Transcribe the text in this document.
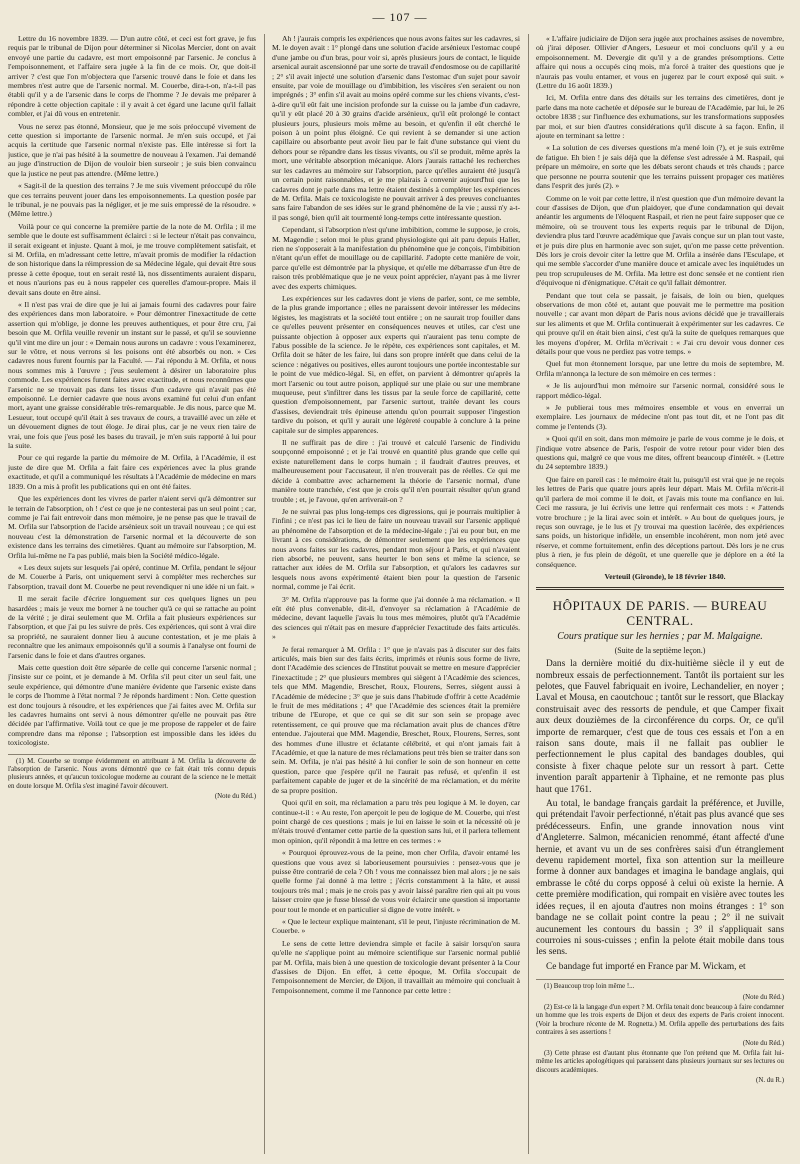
— 107 —

Lettre du 16 novembre 1839. — D'un autre côté, et ceci est fort grave, je fus requis par le tribunal de Dijon pour déterminer si Nicolas Mercier, dont on avait envoyé une partie du cadavre, est mort empoisonné par l'arsenic. Je conclus à l'empoisonnement, et l'affaire sera jugée à la fin de ce mois. Or, que doit-il arriver ? c'est que l'on m'objectera que l'arsenic trouvé dans le foie et dans les membres n'est autre que de l'arsenic normal. M. Couerbe, dira-t-on, n'a-t-il pas établi qu'il y a de l'arsenic dans le corps de l'homme ? Je devais me préparer à répondre à cette objection capitale : il y avait à cet égard une lacune qu'il fallait combler, et j'ai dû vous en entretenir.

Vous ne serez pas étonné, Monsieur, que je me sois préoccupé vivement de cette question si importante de l'arsenic normal. Je m'en suis occupé, et j'ai acquis la certitude que l'arsenic normal n'existe pas. Elle intéresse si fort la justice, que je n'ai pas hésité à la soumettre de nouveau à l'examen. J'ai demandé au juge d'instruction de Dijon de vouloir bien surseoir ; je suis bien convaincu que la justice ne peut pas attendre. (Même lettre.)

« Sagit-il de la question des terrains ? Je me suis vivement préoccupé du rôle que ces terrains peuvent jouer dans les empoisonnements. La question posée par le tribunal, je ne pouvais pas la négliger, et je me suis empressé de la résoudre. » (Même lettre.)

Voilà pour ce qui concerne la première partie de la note de M. Orfila ; il me semble que le doute est suffisamment éclairci : si le lecteur n'était pas convaincu, il serait exigeant et injuste. Quant à moi, je me trouve complètement satisfait, et si M. Orfila, en m'adressant cette lettre, m'avait promis de modifier la rédaction de son historique dans la réimpression de sa Médecine légale, qui devait être sous presse à cette époque, tout en serait resté là, nos dissentiments auraient disparu, et nous n'aurions pas eu à nous rappeler ces querelles d'amour-propre. Mais il devait sans doute en être ainsi.

« Il n'est pas vrai de dire que je lui ai jamais fourni des cadavres pour faire des expériences dans mon laboratoire. » Pour démontrer l'inexactitude de cette assertion qui m'oblige, je donne les preuves authentiques, et pour être cru, j'ai besoin que M. Orfila veuille revenir un instant sur le passé, et qu'il se souvienne qu'il vint me dire un jour : « Demain nous aurons un cadavre : vous l'examinerez, sur le vôtre, et nous verrons si les poisons ont été absorbés ou non. » Ces cadavres nous furent fournis par la Faculté. — J'ai répondu à M. Orfila, et nous nous sommes mis à l'œuvre ; j'eus seulement à désirer un laboratoire plus commode. Les expériences furent faites avec exactitude, et nous reconnûmes que l'arsenic ne se trouvait pas dans les tissus d'un cadavre qui n'avait pas été empoisonné. Le dernier cadavre que nous avons examiné fut celui d'un enfant mort, ayant une graisse considérable très-remarquable. Je dis nous, parce que M. Lesueur, tout occupé qu'il était à ses travaux de cours, a travaillé avec un zèle et un dévouement dignes de tout éloge. Je dirai plus, car je ne veux rien taire de vrai, une fois que j'eus posé les bases du travail, je m'en suis rapporté à lui pour la suite.

Pour ce qui regarde la partie du mémoire de M. Orfila, à l'Académie, il est juste de dire que M. Orfila a fait faire ces expériences avec la plus grande exactitude, et qu'il a communiqué les résultats à l'Académie de médecine en mars 1839. On a mis à profit les publications qui en ont été faites.

Que les expériences dont les vivres de parler n'aient servi qu'à démontrer sur le terrain de l'absorption, oh ! c'est ce que je ne contesterai pas un seul point ; car, comme je l'ai fait entrevoir dans mon mémoire, je ne pense pas que le travail de M. Orfila sur l'absorption de l'acide arsénieux soit un travail nouveau ; ce qui est nouveau c'est la démonstration de l'arsenic normal et la découverte de son existence dans les terrains des cimetières. Quant au mémoire sur l'absorption, M. Orfila lui-même ne l'a pas publié, mais bien la Société médico-légale.

« Les deux sujets sur lesquels j'ai opéré, continue M. Orfila, pendant le séjour de M. Couerbe à Paris, ont uniquement servi à compléter mes recherches sur l'absorption, travail dont M. Couerbe ne peut revendiquer ni une idée ni un fait. »

Il me serait facile d'écrire longuement sur ces quelques lignes un peu hasardées ; mais je veux me borner à ne toucher qu'à ce qui se rattache au point de la vérité ; je dirai seulement que M. Orfila a fait plusieurs expériences sur l'absorption, et que j'ai pu les suivre de près. Ces expériences, qui sont à vrai dire sa propriété, ne sauraient donner lieu à aucune contestation, et je me plais à reconnaître que les animaux empoisonnés qu'il a soumis à l'analyse ont fourni de l'arsenic dans le foie et dans d'autres organes.

Mais cette question doit être séparée de celle qui concerne l'arsenic normal ; j'insiste sur ce point, et je demande à M. Orfila s'il peut citer un seul fait, une seule expérience, qui démontre d'une manière évidente que l'arsenic existe dans le corps de l'homme à l'état normal ? Je réponds hardiment : Non. Cette question est donc toujours à résoudre, et les expériences que j'ai faites avec M. Orfila sur les cadavres humains ont servi à nous démontrer qu'elle ne pouvait pas être décidée par l'affirmative. Voilà tout ce que je me propose de rappeler et de faire comprendre dans ma réponse ; l'absorption est impossible dans les idées du toxicologiste.

(1) M. Couerbe se trompe évidemment en attribuant à M. Orfila la découverte de l'absorption de l'arsenic. Nous avons démontré que ce fait était très connu depuis plusieurs années, et qu'aucun toxicologue moderne au courant de la science ne le mettait en doute lorsque M. Orfila s'est imaginé l'avoir découvert.

(Note du Réd.)

Ah ! j'aurais compris les expériences que nous avons faites sur les cadavres, si M. le doyen avait : 1° plongé dans une solution d'acide arsénieux l'estomac coupé d'une jambe ou d'un bras, pour voir si, après plusieurs jours de contact, le liquide arsenical aurait ascensionné par une sorte de travail d'endosmose ou de capillarité ; 2° s'il avait injecté une solution d'arsenic dans l'estomac d'un sujet pour savoir ensuite, par voie de mouillage ou d'imbibition, les viscères s'en seraient ou non imprégnés ; 3° enfin s'il avait au moins opéré comme sur les chiens vivants, c'est-à-dire qu'il eût fait une incision profonde sur la cuisse ou la jambe d'un cadavre, qu'il y eût placé 20 à 30 grains d'acide arsénieux, qu'il eût prolongé le contact plusieurs jours, plusieurs mois même au besoin, et qu'enfin il eût cherché le poison à un point plus éloigné. Ce qui revient à se demander si une action capillaire ou absorbante peut avoir lieu par le fait d'une substance qui vient du dehors pour se répandre dans les tissus vivants, ou s'il se produit, même après la mort, une véritable absorption mécanique. Alors j'aurais rattaché les recherches sur les cadavres au mémoire sur l'absorption, parce qu'elles auraient été jusqu'à un certain point raisonnables, et je me plairais à convenir aujourd'hui que les cadavres dont je parle dans ma lettre étaient destinés à compléter les expériences de M. Orfila. Mais ce toxicologiste ne pouvait arriver à des preuves concluantes sans faire l'abandon de ses idées sur le grand phénomène de la vie ; aussi n'y a-t-il pas songé, bien qu'il ait tourmenté long-temps cette intéressante question.

Cependant, si l'absorption n'est qu'une imbibition, comme le suppose, je crois, M. Magendie ; selon moi le plus grand physiologiste qui ait paru depuis Haller, rien ne s'opposerait à la manifestation du phénomène que je conçois, l'imbibition n'étant qu'un effet de mouillage ou de capillarité. J'adopte cette manière de voir, parce qu'elle est démontrée par la physique, et qu'elle me débarrasse d'un être de raison très problématique que je ne veux point apprécier, n'ayant pas à me livrer avec des experts chimiques.

Les expériences sur les cadavres dont je viens de parler, sont, ce me semble, de la plus grande importance ; elles ne paraissent devoir intéresser les médecins légistes, les magistrats et la société tout entière ; on ne saurait trop fouiller dans ce qu'elles peuvent présenter en conséquences neuves et utiles, car c'est une puissante objection à opposer aux experts qui n'auraient pas tenu compte de l'abus possible de la science. Je le répète, ces expériences sont capitales, et M. Orfila doit se hâter de les faire, lui dans son propre intérêt que dans celui de la science : négatives ou positives, elles auront toujours une portée incontestable sur le point de vue médico-légal. Si, en effet, on parvient à démontrer qu'après la mort l'arsenic ou tout autre poison, appliqué sur une plaie ou sur une membrane muqueuse, peut s'infiltrer dans les tissus par la seule force de capillarité, cette question d'empoisonnement, par l'arsenic surtout, traitée devant les cours d'assises, deviendrait très épineuse attendu qu'on pourrait supposer l'ingestion tardive du poison, et qu'il y aurait une légèreté coupable à conclure à la peine capitale sur de simples apparences.

Il ne suffirait pas de dire : j'ai trouvé et calculé l'arsenic de l'individu soupçonné empoisonné ; et je l'ai trouvé en quantité plus grande que celle qui existe naturellement dans le corps humain ; il faudrait d'autres preuves, et malheureusement pour l'accusateur, il n'en trouverait pas de réelles. Ce qui me décide à combattre avec acharnement la théorie de l'arsenic normal, d'une manière toute tranchée, c'est que je crois qu'il n'en pourrait résulter qu'un grand trouble ; et, je l'avoue, qu'en arriverait-on ?

Je ne suivrai pas plus long-temps ces digressions, qui je pourrais multiplier à l'infini ; ce n'est pas ici le lieu de faire un nouveau travail sur l'arsenic appliqué au phénomène de l'absorption et de la médecine-légale ; j'ai eu pour but, en me livrant à ces considérations, de démontrer seulement que les expériences que nous avons faites sur les cadavres, pendant mon séjour à Paris, et qui n'avaient rien absorbé, ne peuvent, sans heurter le bon sens et même la science, se rattacher aux idées de M. Orfila sur l'absorption, et qu'alors les cadavres sur lesquels nous avons expérimenté étaient bien pour la question de l'arsenic normal, comme je l'ai écrit.

3° M. Orfila n'approuve pas la forme que j'ai donnée à ma réclamation. « Il eût été plus convenable, dit-il, d'envoyer sa réclamation à l'Académie de médecine, devant laquelle j'avais lu tous mes mémoires, plutôt qu'à l'Académie des sciences qui n'était pas en mesure d'apprécier l'exactitude des faits articulés. »

Je ferai remarquer à M. Orfila : 1° que je n'avais pas à discuter sur des faits articulés, mais bien sur des faits écrits, imprimés et réunis sous forme de livre, dont l'Académie des sciences de l'Institut pouvait se mettre en mesure d'apprécier l'inexactitude ; 2° que plusieurs membres qui siègent à l'Académie des sciences, tels que MM. Magendie, Breschet, Roux, Flourens, Serres, siègent aussi à l'Académie de médecine ; 3° que je suis dans l'habitude d'offrir à cette Académie le fruit de mes méditations ; 4° que l'Académie des sciences était la première tribune de l'Europe, et que ce qui se dit sur son sein se propage avec retentissement, ce qui prouve que ma réclamation avait plus de chances d'être entendue. J'ajouterai que MM. Magendie, Breschet, Roux, Flourens, Serres, sont des hommes d'une illustre et éclatante célébrité, et qui n'ont jamais fait à l'Académie, et que la nature de mes réclamations peut très bien se traiter dans son sein. M. Orfila, je n'ai pas hésité à lui confier le soin de son honneur en cette question, parce que j'espère qu'il ne l'aurait pas refusé, et qu'enfin il est parfaitement capable de juger et de la sincérité de ma réclamation, et du mérite de sa propre position.

Quoi qu'il en soit, ma réclamation a paru très peu logique à M. le doyen, car continue-t-il : « Au reste, l'on aperçoit le peu de logique de M. Couerbe, qui n'est point chargé de ces questions ; mais je lui en laisse le soin et la nécessité où je m'étais trouvé d'entamer cette partie de la question sans lui, et il parlera tellement mon opinion, qu'il répondit à ma lettre en ces termes : »

« Pourquoi éprouvez-vous de la peine, mon cher Orfila, d'avoir entamé les questions que vous avez si laborieusement poursuivies : pensez-vous que je puisse être contrarié de cela ? Oh ! vous me connaissez bien mal alors ; je ne sais quelle forme j'ai donné à ma lettre ; j'écris constamment à la hâte, et aussi toujours très mal ; mais je ne crois pas y avoir laissé paraître rien qui ait pu vous laisser croire que je fusse blessé de vous voir éclaircir une question si importante pour tout le monde et en particulier si digne de votre intérêt. »

« Que le lecteur explique maintenant, s'il le peut, l'injuste récrimination de M. Couerbe. »

Le sens de cette lettre deviendra simple et facile à saisir lorsqu'on saura qu'elle ne s'applique point au mémoire scientifique sur l'arsenic normal publié par M. Orfila, mais bien à une question de toxicologie devant présenter à la Cour d'assises de Dijon. En effet, à cette époque, M. Orfila s'occupait de l'empoisonnement de Mercier, de Dijon, il travaillait au mémoire qui concluait à l'empoisonnement, comme il me l'annonce par cette lettre :

« L'affaire judiciaire de Dijon sera jugée aux prochaines assises de novembre, où j'irai déposer. Ollivier d'Angers, Lesueur et moi concluons qu'il y a eu empoisonnement. M. Devergie dit qu'il y a de grandes présomptions. Cette affaire qui nous a occupés cinq mois, m'a forcé à traiter des questions que je n'aurais pas voulu entamer, et vous en jugerez par le court exposé qui suit. » (Lettre du 16 août 1839.)

Ici, M. Orfila entre dans des détails sur les terrains des cimetières, dont je parle dans ma note cachetée et déposée sur le bureau de l'Académie, par lui, le 26 octobre 1838 ; sur l'influence des exhumations, sur les transformations supposées par moi, et sur bien d'autres considérations qu'il discute à sa façon. Enfin, il ajoute en terminant sa lettre :

« La solution de ces diverses questions m'a mené loin (?), et je suis extrême de fatigue. Eh bien ! je sais déjà que la défense s'est adressée à M. Raspail, qui prépare un mémoire, en sorte que les débats seront chauds et très chauds ; parce que personne ne pourra soutenir que les terrains puissent propager ces matières dans l'esprit des jurés (2). »

Comme on le voit par cette lettre, il n'est question que d'un mémoire devant la cour d'assises de Dijon, que d'un plaidoyer, que d'une condamnation qui devait anéantir les arguments de l'éloquent Raspail, et rien ne peut faire supposer que ce mémoire, où se trouvent tous les experts requis par le tribunal de Dijon, deviendra plus tard l'œuvre académique que j'avais conçue sur un plan tout vaste, et je puis dire plus en harmonie avec son sujet, qu'on me passe cette prévention. Dès lors je crois devoir citer la lettre que M. Orfila a insérée dans l'Esculape, et qui me semble s'accorder d'une manière douce et amicale avec les inquiétudes un peu trop scrupuleuses de M. Orfila. Ma lettre est donc sensée et ne contient rien d'équivoque ni d'énigmatique. C'était ce qu'il fallait démontrer.

Pendant que tout cela se passait, je faisais, de loin ou bien, quelques observations de mon côté et, autant que pouvait me le permettre ma position nouvelle ; car avant mon départ de Paris nous avions décidé que je travaillerais sur les aliments et que M. Orfila continuerait à expérimenter sur les cadavres. Ce qui prouve qu'il en était bien ainsi, c'est qu'à la suite de quelques remarques que les moyens d'opérer, M. Orfila m'écrivait : « J'ai cru devoir vous donner ces détails pour que vous ne perdiez pas votre temps. »

Quel fut mon étonnement lorsque, par une lettre du mois de septembre, M. Orfila m'annonça la lecture de son mémoire en ces termes :

« Je lis aujourd'hui mon mémoire sur l'arsenic normal, considéré sous le rapport médico-légal.

» Je publierai tous mes mémoires ensemble et vous en enverrai un exemplaire. Les journaux de médecine n'ont pas tout dit, et ne l'ont pas dit comme je l'entends (3).

» Quoi qu'il en soit, dans mon mémoire je parle de vous comme je le dois, et j'indique votre absence de Paris, l'espoir de votre retour pour vider bien des questions qui, malgré ce que vous me dites, offrent beaucoup d'intérêt. » (Lettre du 24 septembre 1839.)

Que faire en pareil cas : le mémoire était lu, puisqu'il est vrai que je ne reçois les lettres de Paris que quatre jours après leur départ. Mais M. Orfila m'écrit-il qu'il parlera de moi comme il le doit, et j'avais mis toute ma confiance en lui. Ceci me rassura, je lui écrivis une lettre qui renfermait ces mots : « J'attends votre brochure ; je la lirai avec soin et intérêt. » Au bout de quelques jours, je reçus son ouvrage, je le lus et j'y trouvai ma question lacérée, des expériences sans poids, un historique infidèle, un ensemble incohérent, mon nom jeté avec réserve, et comme fortuitement, enfin des déceptions partout. Dès lors je ne crus plus à rien, je fus plein de dégoût, et une querelle que je déplore en a été la conséquence.

Verteuil (Gironde), le 18 février 1840.

HÔPITAUX DE PARIS. — BUREAU CENTRAL.
Cours pratique sur les hernies ; par M. Malgaigne.
(Suite de la septième leçon.)

Dans la dernière moitié du dix-huitième siècle il y eut de nombreux essais de perfectionnement. Tantôt ils portaient sur les pelotes, que Fauvel fabriquait en ivoire, Lechandelier, en noyer ; Laval et Mousa, en caoutchouc ; tantôt sur le ressort, que Blackay construisait avec des ressorts de pendule, et que Camper fixait aux deux douzièmes de la circonférence du corps. Or, ce qu'il importe de remarquer, c'est que de tous ces essais et l'on a en raison sans doute, mais il ne fallait pas oublier le perfectionnement le plus capital des bandages doubles, qui consiste à fixer chaque pelote sur un ressort à part. Cette invention paraît appartenir à Tiphaine, et ne remonte pas plus haut que 1761.

Au total, le bandage français gardait la préférence, et Juville, qui prétendait l'avoir perfectionné, n'était pas plus avancé que ses prédécesseurs. Enfin, une grande innovation nous vint d'Angleterre. Salmon, mécanicien renommé, étant affecté d'une hernie, et avant vu un de ses confrères saisi d'un étranglement devenu rapidement mortel, fixa son attention sur la meilleure forme à donner aux bandages et imagina le bandage anglais, qui embrasse le côté du corps opposé à celui où existe la hernie. A cette première modification, qui rompait en visière avec toutes les idées reçues, il en ajouta d'autres non moins étranges : 1° son bandage ne se collait point contre la peau ; 2° il ne suivait aucunement les contours du bassin ; 3° il s'appliquait sans courroies ni sous-cuisses ; enfin la pelote était mobile dans tous les sens.

Ce bandage fut importé en France par M. Wickam, et

(1) Beaucoup trop loin même !...

(Note du Réd.)

(2) Est-ce là la langage d'un expert ? M. Orfila tenait donc beaucoup à faire condamner un homme que les trois experts de Dijon et deux des experts de Paris croient innocent. (Voir la brochure récente de M. Rognetta.) M. Orfila appelle des perturbations des faits contraires à ses assertions !

(Note du Réd.)

(3) Cette phrase est d'autant plus étonnante que l'on prétend que M. Orfila fait lui-même les articles apologétiques qui paraissent dans plusieurs journaux sur ses lectures ou discours académiques.

(N. du R.)
